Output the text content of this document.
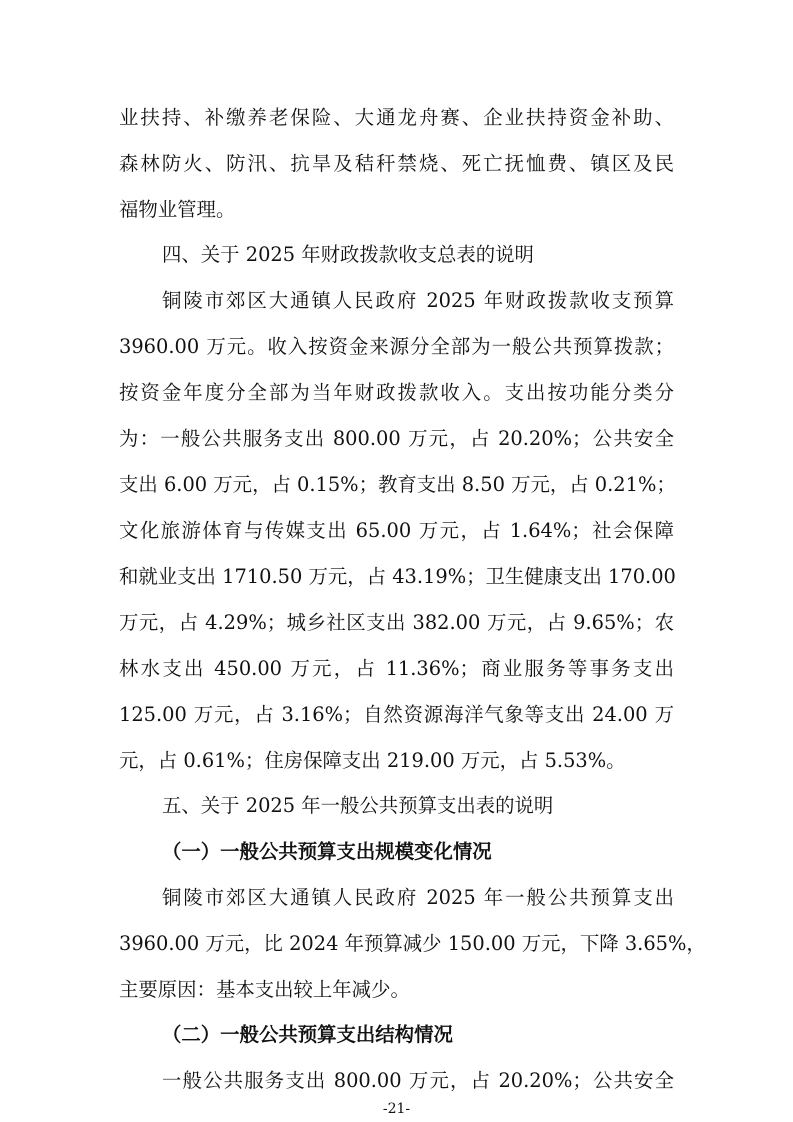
业扶持、补缴养老保险、大通龙舟赛、企业扶持资金补助、
森林防火、防汛、抗旱及秸秆禁烧、死亡抚恤费、镇区及民
福物业管理。
四、关于 2025 年财政拨款收支总表的说明
铜陵市郊区大通镇人民政府 2025 年财政拨款收支预算
3960.00 万元。收入按资金来源分全部为一般公共预算拨款；
按资金年度分全部为当年财政拨款收入。支出按功能分类分
为：一般公共服务支出 800.00 万元，占 20.20%；公共安全
支出 6.00 万元，占 0.15%；教育支出 8.50 万元，占 0.21%；
文化旅游体育与传媒支出 65.00 万元，占 1.64%；社会保障
和就业支出 1710.50 万元，占 43.19%；卫生健康支出 170.00
万元，占 4.29%；城乡社区支出 382.00 万元，占 9.65%；农
林水支出 450.00 万元，占 11.36%；商业服务等事务支出
125.00 万元，占 3.16%；自然资源海洋气象等支出 24.00 万
元，占 0.61%；住房保障支出 219.00 万元，占 5.53%。
五、关于 2025 年一般公共预算支出表的说明
（一）一般公共预算支出规模变化情况
铜陵市郊区大通镇人民政府 2025 年一般公共预算支出
3960.00 万元，比 2024 年预算减少 150.00 万元，下降 3.65%，
主要原因：基本支出较上年减少。
（二）一般公共预算支出结构情况
一般公共服务支出 800.00 万元，占 20.20%；公共安全
-21-
